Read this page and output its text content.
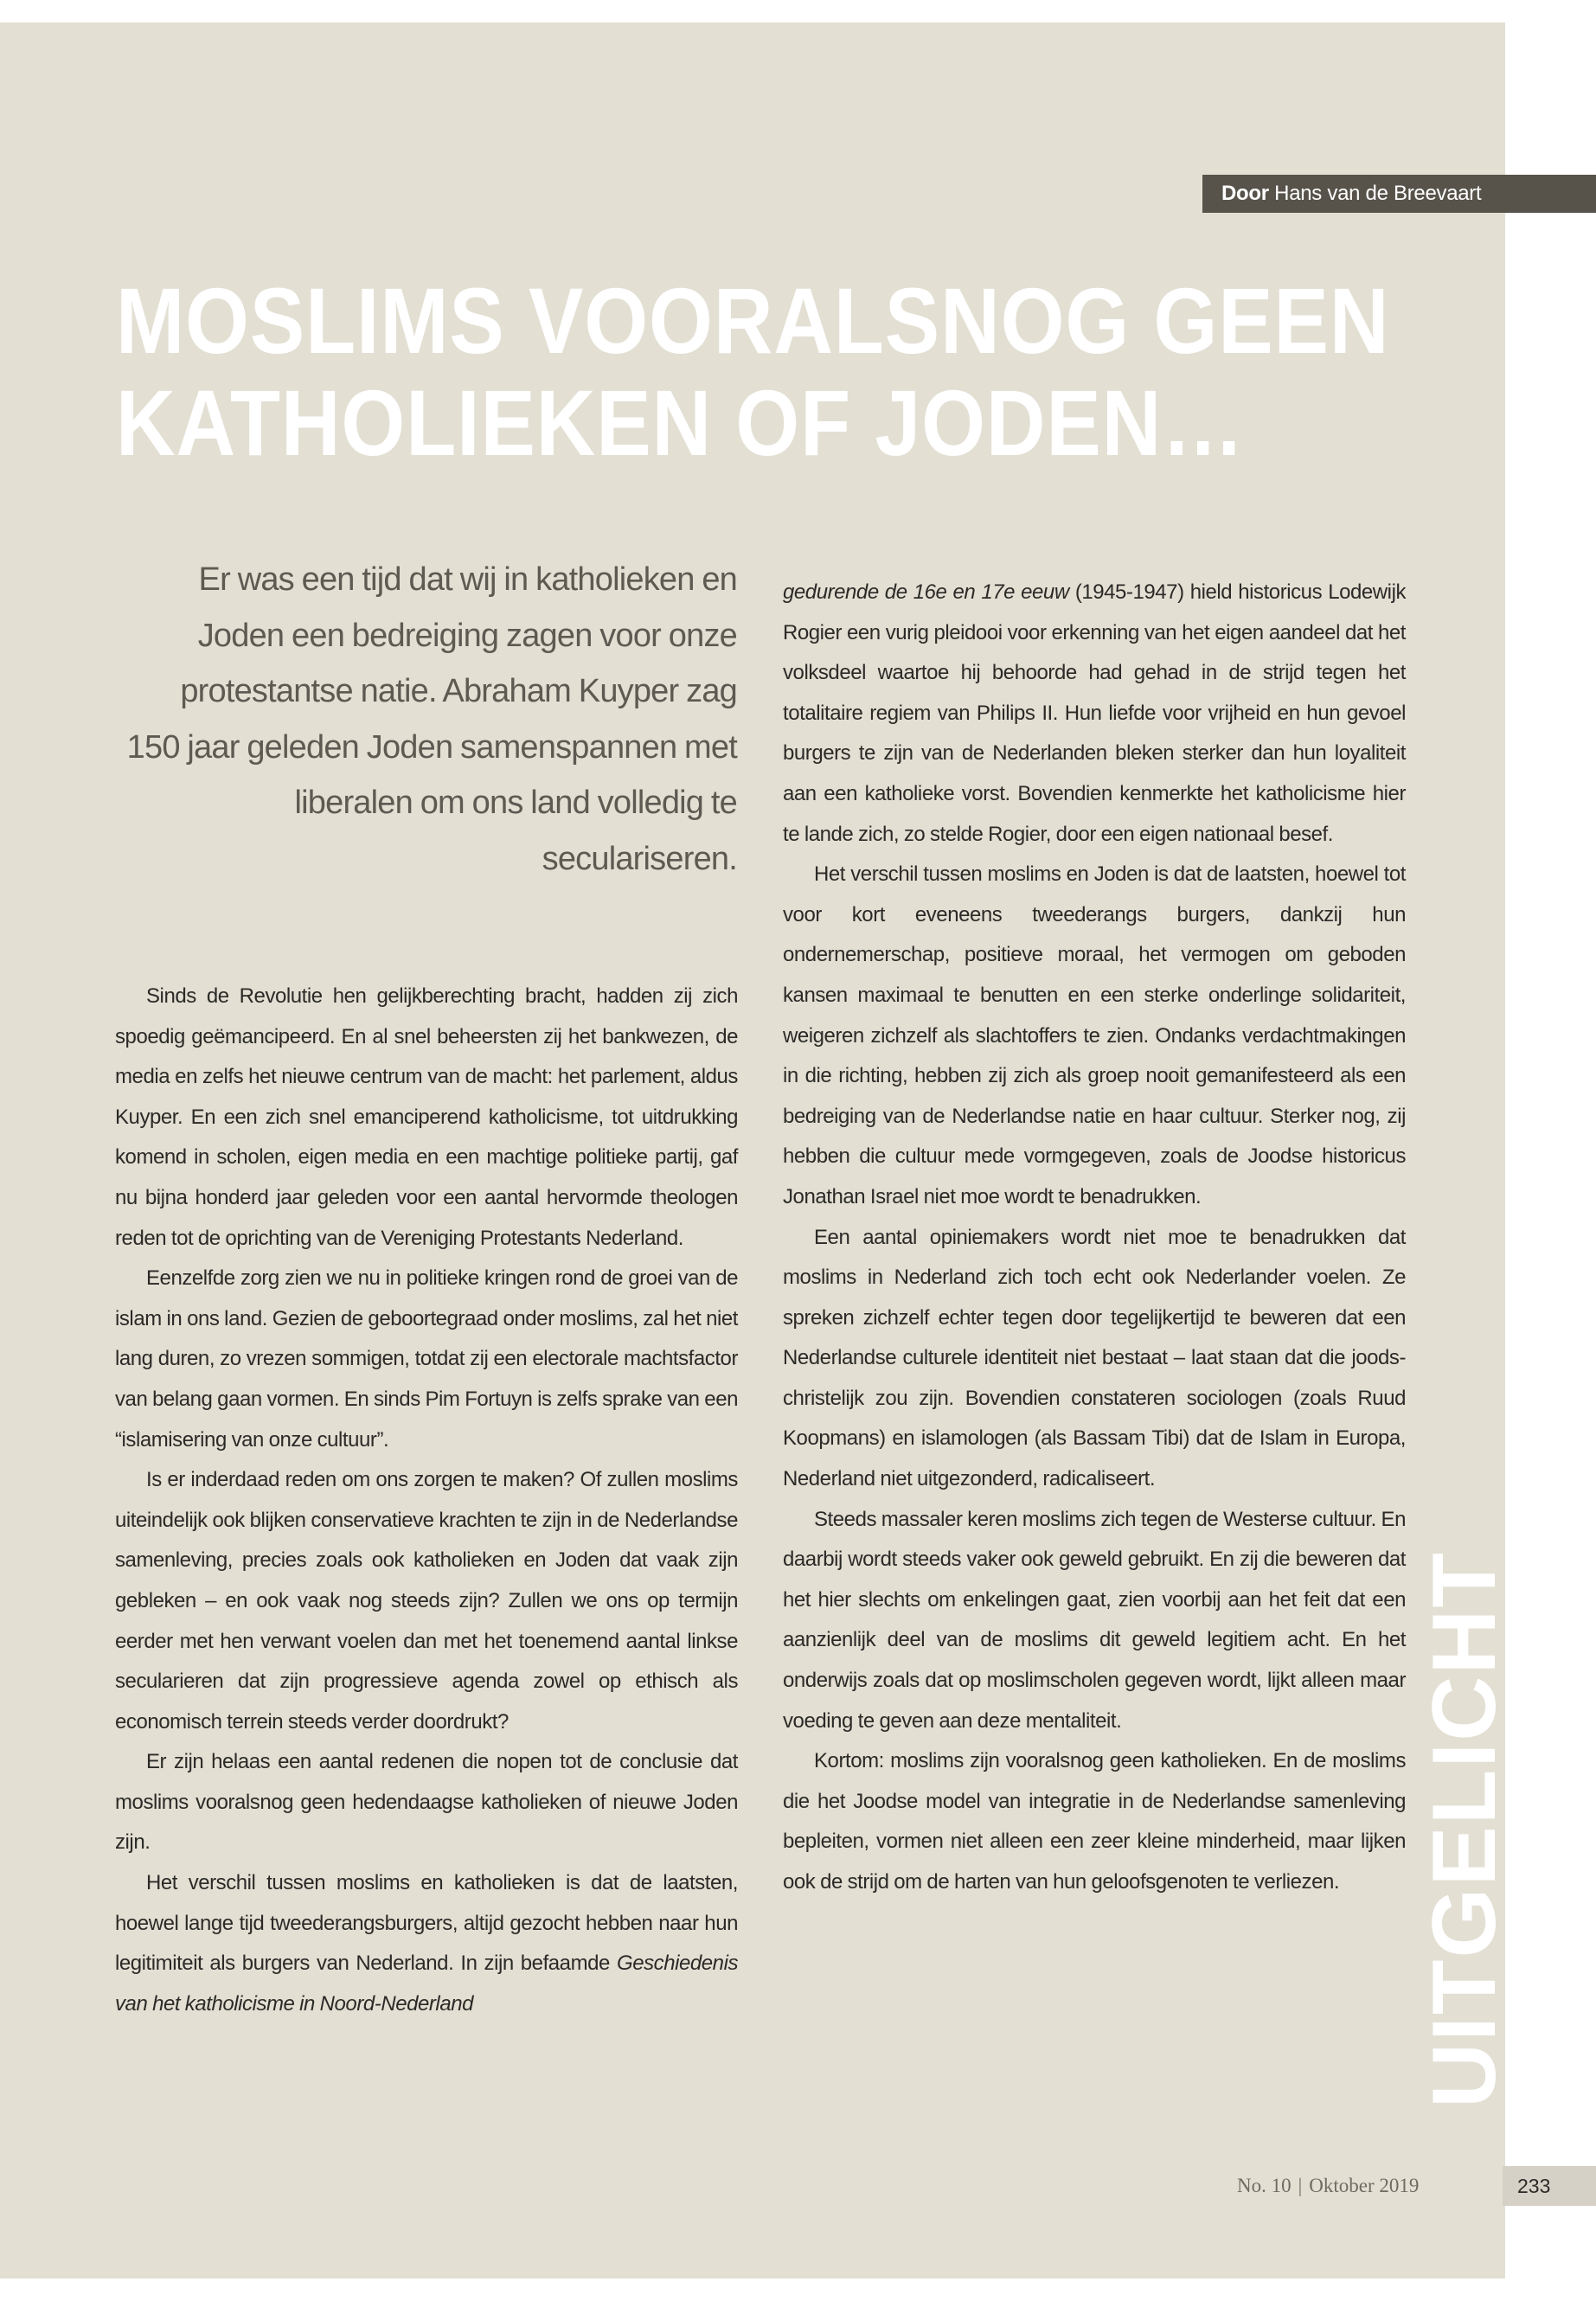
Door Hans van de Breevaart
MOSLIMS VOORALSNOG GEEN
KATHOLIEKEN OF JODEN…

Er was een tijd dat wij in katholieken en Joden een bedreiging zagen voor onze protestantse natie. Abraham Kuyper zag 150 jaar geleden Joden samenspannen met liberalen om ons land volledig te seculariseren.

Sinds de Revolutie hen gelijkberechting bracht, hadden zij zich spoedig geëmancipeerd. En al snel beheersten zij het bankwezen, de media en zelfs het nieuwe centrum van de macht: het parlement, aldus Kuyper. En een zich snel emanciperend katholicisme, tot uitdrukking komend in scholen, eigen media en een machtige politieke partij, gaf nu bijna honderd jaar geleden voor een aantal hervormde theologen reden tot de oprichting van de Vereniging Protestants Nederland.

Eenzelfde zorg zien we nu in politieke kringen rond de groei van de islam in ons land. Gezien de geboortegraad onder moslims, zal het niet lang duren, zo vrezen sommigen, totdat zij een electorale machtsfactor van belang gaan vormen. En sinds Pim Fortuyn is zelfs sprake van een “islamisering van onze cultuur”.

Is er inderdaad reden om ons zorgen te maken? Of zullen moslims uiteindelijk ook blijken conservatieve krachten te zijn in de Nederlandse samenleving, precies zoals ook katholieken en Joden dat vaak zijn gebleken – en ook vaak nog steeds zijn? Zullen we ons op termijn eerder met hen verwant voelen dan met het toenemend aantal linkse secularieren dat zijn progressieve agenda zowel op ethisch als economisch terrein steeds verder doordrukt?

Er zijn helaas een aantal redenen die nopen tot de conclusie dat moslims vooralsnog geen hedendaagse katholieken of nieuwe Joden zijn.

Het verschil tussen moslims en katholieken is dat de laatsten, hoewel lange tijd tweederangsburgers, altijd gezocht hebben naar hun legitimiteit als burgers van Nederland. In zijn befaamde Geschiedenis van het katholicisme in Noord-Nederland

gedurende de 16e en 17e eeuw (1945-1947) hield historicus Lodewijk Rogier een vurig pleidooi voor erkenning van het eigen aandeel dat het volksdeel waartoe hij behoorde had gehad in de strijd tegen het totalitaire regiem van Philips II. Hun liefde voor vrijheid en hun gevoel burgers te zijn van de Nederlanden bleken sterker dan hun loyaliteit aan een katholieke vorst. Bovendien kenmerkte het katholicisme hier te lande zich, zo stelde Rogier, door een eigen nationaal besef.

Het verschil tussen moslims en Joden is dat de laatsten, hoewel tot voor kort eveneens tweederangs burgers, dankzij hun ondernemerschap, positieve moraal, het vermogen om geboden kansen maximaal te benutten en een sterke onderlinge solidariteit, weigeren zichzelf als slachtoffers te zien. Ondanks verdachtmakingen in die richting, hebben zij zich als groep nooit gemanifesteerd als een bedreiging van de Nederlandse natie en haar cultuur. Sterker nog, zij hebben die cultuur mede vormgegeven, zoals de Joodse historicus Jonathan Israel niet moe wordt te benadrukken.

Een aantal opiniemakers wordt niet moe te benadrukken dat moslims in Nederland zich toch echt ook Nederlander voelen. Ze spreken zichzelf echter tegen door tegelijkertijd te beweren dat een Nederlandse culturele identiteit niet bestaat – laat staan dat die joods-christelijk zou zijn. Bovendien constateren sociologen (zoals Ruud Koopmans) en islamologen (als Bassam Tibi) dat de Islam in Europa, Nederland niet uitgezonderd, radicaliseert.

Steeds massaler keren moslims zich tegen de Westerse cultuur. En daarbij wordt steeds vaker ook geweld gebruikt. En zij die beweren dat het hier slechts om enkelingen gaat, zien voorbij aan het feit dat een aanzienlijk deel van de moslims dit geweld legitiem acht. En het onderwijs zoals dat op moslimscholen gegeven wordt, lijkt alleen maar voeding te geven aan deze mentaliteit.

Kortom: moslims zijn vooralsnog geen katholieken. En de moslims die het Joodse model van integratie in de Nederlandse samenleving bepleiten, vormen niet alleen een zeer kleine minderheid, maar lijken ook de strijd om de harten van hun geloofsgenoten te verliezen. UITGELICHT
No. 10 | Oktober 2019	233
